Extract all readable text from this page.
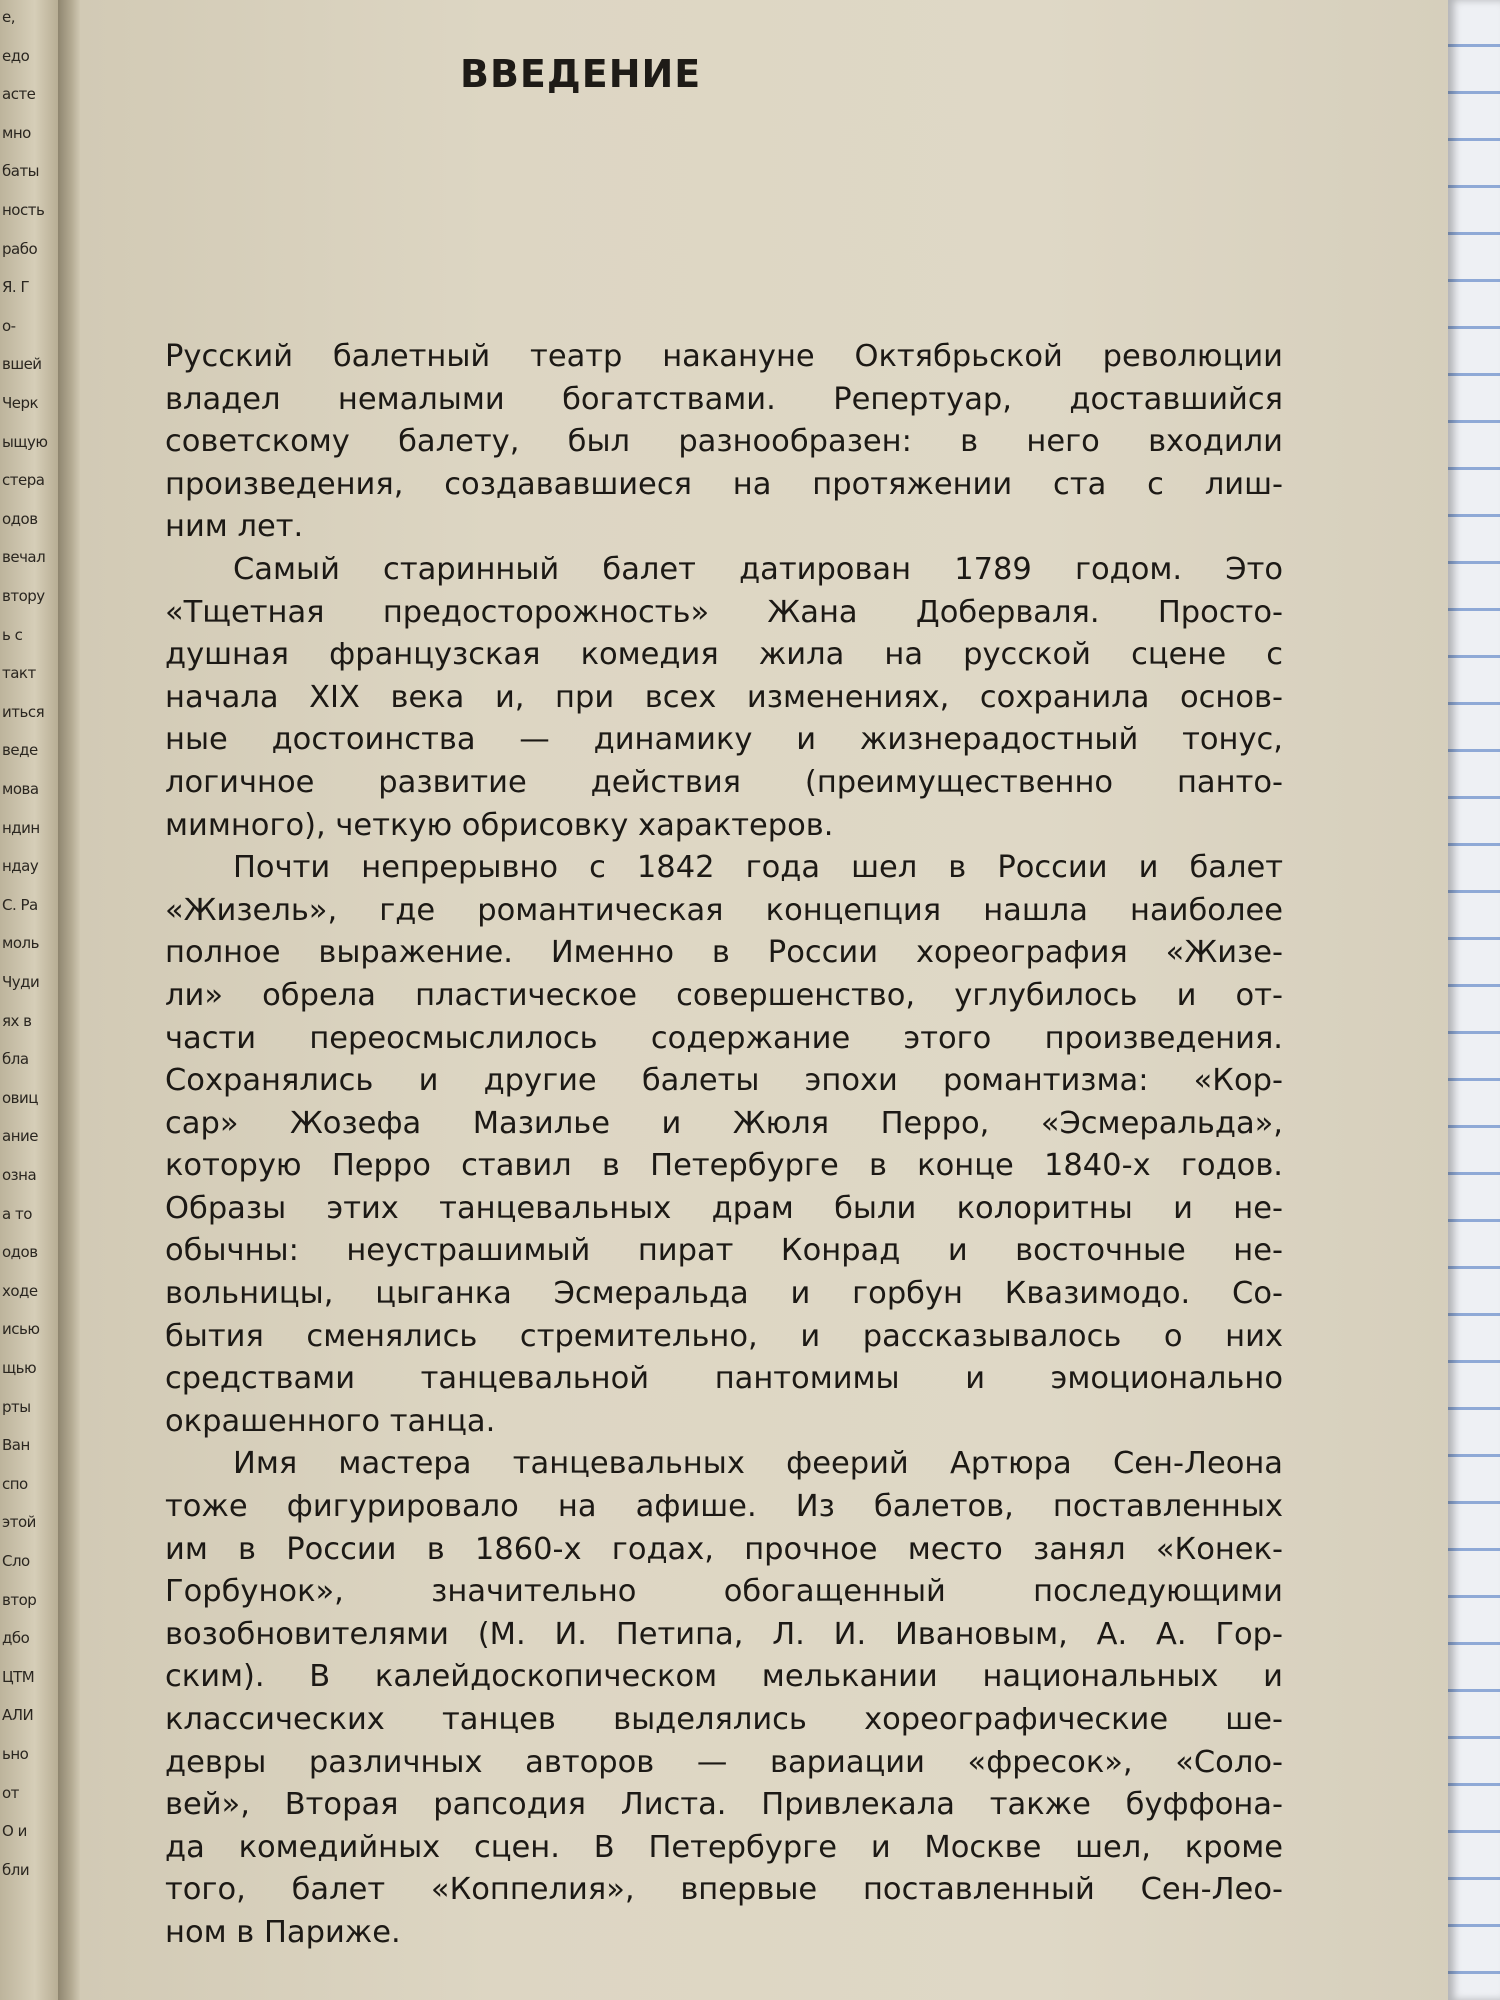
е,
едо
асте
мно
баты
ность
рабо
Я. Г
о-
вшей
Черк
ыщую
стера
одов
вечал
втору
ь с
такт
иться
веде
мова
ндин
ндау
С. Ра
моль
Чуди
ях в
бла
овиц
ание
озна
а то
одов
ходе
исью
щью
рты
Ван
спо
этой
Сло
втор
дбо
ЦТМ
АЛИ
ьно
от
О и
бли
ВВЕДЕНИЕ
Русский балетный театр накануне Октябрьской революции
владел немалыми богатствами. Репертуар, доставшийся
советскому балету, был разнообразен: в него входили
произведения, создававшиеся на протяжении ста с лиш-
ним лет.
Самый старинный балет датирован 1789 годом. Это
«Тщетная предосторожность» Жана Доберваля. Просто-
душная французская комедия жила на русской сцене с
начала XIX века и, при всех изменениях, сохранила основ-
ные достоинства — динамику и жизнерадостный тонус,
логичное развитие действия (преимущественно панто-
мимного), четкую обрисовку характеров.
Почти непрерывно с 1842 года шел в России и балет
«Жизель», где романтическая концепция нашла наиболее
полное выражение. Именно в России хореография «Жизе-
ли» обрела пластическое совершенство, углубилось и от-
части переосмыслилось содержание этого произведения.
Сохранялись и другие балеты эпохи романтизма: «Кор-
сар» Жозефа Мазилье и Жюля Перро, «Эсмеральда»,
которую Перро ставил в Петербурге в конце 1840-х годов.
Образы этих танцевальных драм были колоритны и не-
обычны: неустрашимый пират Конрад и восточные не-
вольницы, цыганка Эсмеральда и горбун Квазимодо. Со-
бытия сменялись стремительно, и рассказывалось о них
средствами танцевальной пантомимы и эмоционально
окрашенного танца.
Имя мастера танцевальных феерий Артюра Сен-Леона
тоже фигурировало на афише. Из балетов, поставленных
им в России в 1860-х годах, прочное место занял «Конек-
Горбунок», значительно обогащенный последующими
возобновителями (М. И. Петипа, Л. И. Ивановым, А. А. Гор-
ским). В калейдоскопическом мелькании национальных и
классических танцев выделялись хореографические ше-
девры различных авторов — вариации «фресок», «Соло-
вей», Вторая рапсодия Листа. Привлекала также буффона-
да комедийных сцен. В Петербурге и Москве шел, кроме
того, балет «Коппелия», впервые поставленный Сен-Лео-
ном в Париже.
